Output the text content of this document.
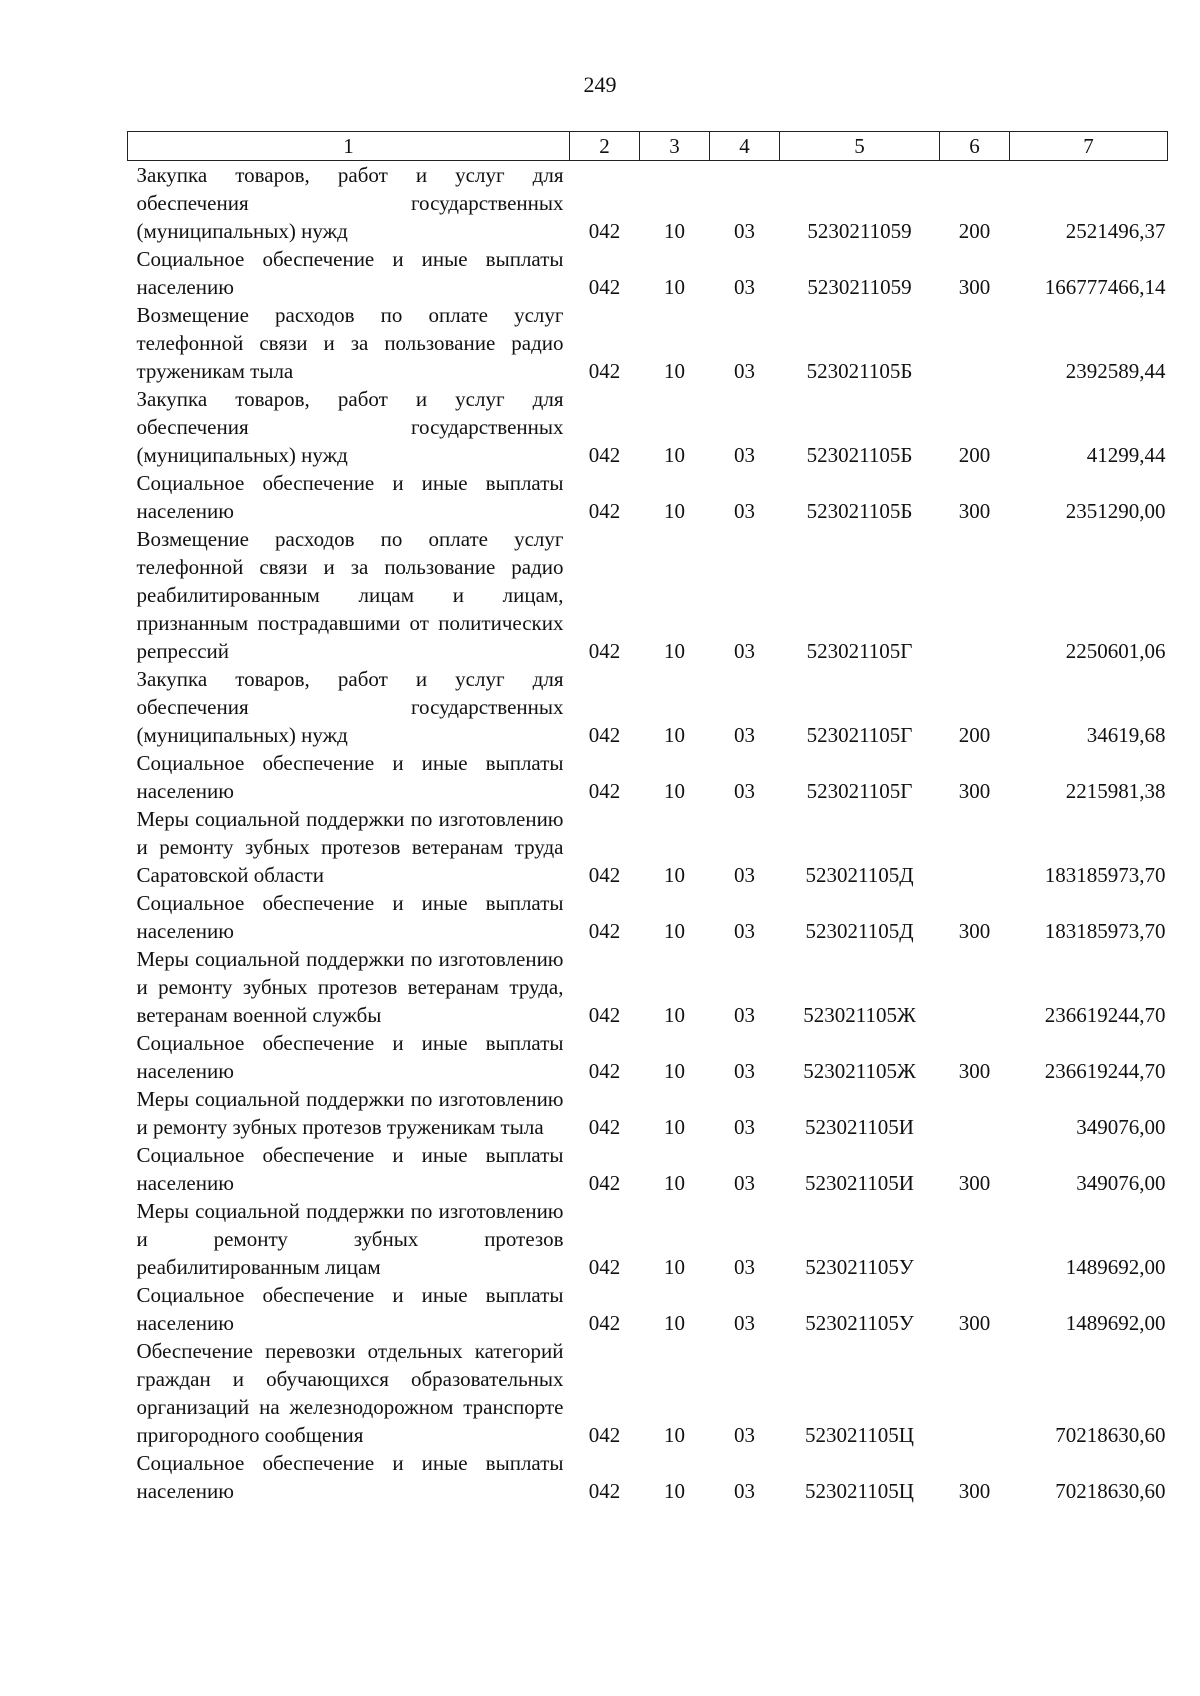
249
1	2	3	4	5	6	7
Закупка товаров, работ и услуг для обеспечения государственных (муниципальных) нужд	042	10	03	5230211059	200	2521496,37
Социальное обеспечение и иные выплаты населению	042	10	03	5230211059	300	166777466,14
Возмещение расходов по оплате услуг телефонной связи и за пользование радио труженикам тыла	042	10	03	523021105Б		2392589,44
Закупка товаров, работ и услуг для обеспечения государственных (муниципальных) нужд	042	10	03	523021105Б	200	41299,44
Социальное обеспечение и иные выплаты населению	042	10	03	523021105Б	300	2351290,00
Возмещение расходов по оплате услуг телефонной связи и за пользование радио реабилитированным лицам и лицам, признанным пострадавшими от политических репрессий	042	10	03	523021105Г		2250601,06
Закупка товаров, работ и услуг для обеспечения государственных (муниципальных) нужд	042	10	03	523021105Г	200	34619,68
Социальное обеспечение и иные выплаты населению	042	10	03	523021105Г	300	2215981,38
Меры социальной поддержки по изготовлению и ремонту зубных протезов ветеранам труда Саратовской области	042	10	03	523021105Д		183185973,70
Социальное обеспечение и иные выплаты населению	042	10	03	523021105Д	300	183185973,70
Меры социальной поддержки по изготовлению и ремонту зубных протезов ветеранам труда, ветеранам военной службы	042	10	03	523021105Ж		236619244,70
Социальное обеспечение и иные выплаты населению	042	10	03	523021105Ж	300	236619244,70
Меры социальной поддержки по изготовлению и ремонту зубных протезов труженикам тыла	042	10	03	523021105И		349076,00
Социальное обеспечение и иные выплаты населению	042	10	03	523021105И	300	349076,00
Меры социальной поддержки по изготовлению и ремонту зубных протезов реабилитированным лицам	042	10	03	523021105У		1489692,00
Социальное обеспечение и иные выплаты населению	042	10	03	523021105У	300	1489692,00
Обеспечение перевозки отдельных категорий граждан и обучающихся образовательных организаций на железнодорожном транспорте пригородного сообщения	042	10	03	523021105Ц		70218630,60
Социальное обеспечение и иные выплаты населению	042	10	03	523021105Ц	300	70218630,60
